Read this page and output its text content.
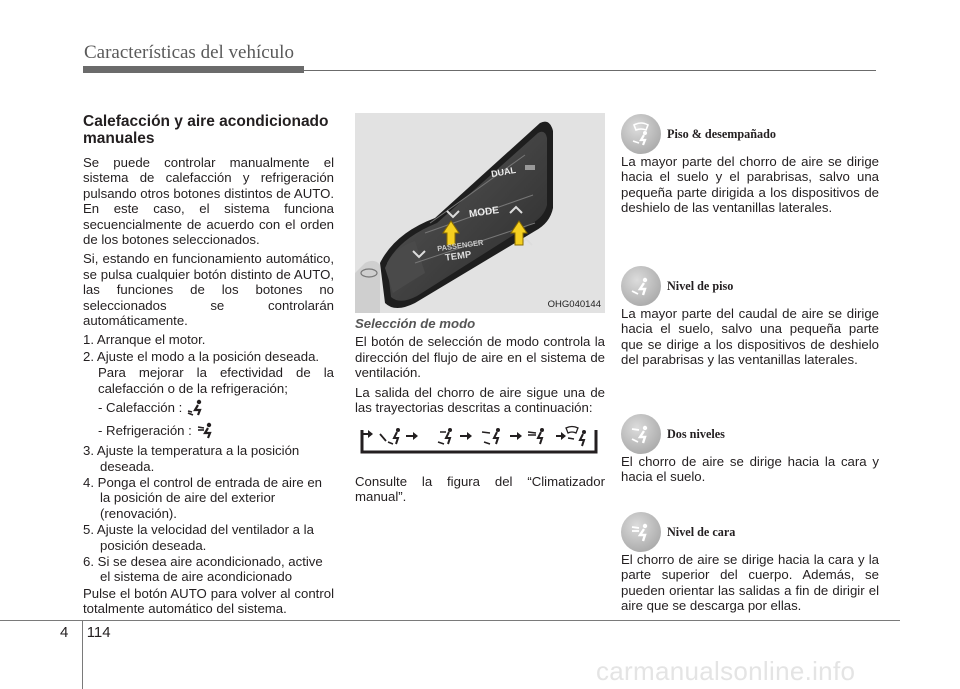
Características del vehículo
Calefacción y aire acondicionado manuales

Se puede controlar manualmente el sistema de calefacción y refrigeración pulsando otros botones distintos de AUTO. En este caso, el sistema funciona secuencialmente de acuerdo con el orden de los botones seleccionados.

Si, estando en funcionamiento automático, se pulsa cualquier botón distinto de AUTO, las funciones de los botones no seleccionados se controlarán automáticamente.

1. Arranque el motor.
2. Ajuste el modo a la posición deseada.
Para mejorar la efectividad de la calefacción o de la refrigeración;
- Calefacción :
- Refrigeración :
3. Ajuste la temperatura a la posición deseada.
4. Ponga el control de entrada de aire en la posición de aire del exterior (renovación).
5. Ajuste la velocidad del ventilador a la posición deseada.
6. Si se desea aire acondicionado, active el sistema de aire acondicionado

Pulse el botón AUTO para volver al control totalmente automático del sistema.

DUAL
MODE
PASSENGER
TEMP
OHG040144
Selección de modo

El botón de selección de modo controla la dirección del flujo de aire en el sistema de ventilación.

La salida del chorro de aire sigue una de las trayectorias descritas a continuación:

Consulte la figura del “Climatizador manual”.

Piso & desempañado

La mayor parte del chorro de aire se dirige hacia el suelo y el parabrisas, salvo una pequeña parte dirigida a los dispositivos de deshielo de las ventanillas laterales.

Nivel de piso

La mayor parte del caudal de aire se dirige hacia el suelo, salvo una pequeña parte que se dirige a los dispositivos de deshielo del parabrisas y las ventanillas laterales.

Dos niveles

El chorro de aire se dirige hacia la cara y hacia el suelo.

Nivel de cara

El chorro de aire se dirige hacia la cara y la parte superior del cuerpo. Además, se pueden orientar las salidas a fin de dirigir el aire que se descarga por ellas.

4 114
carmanualsonline.info
